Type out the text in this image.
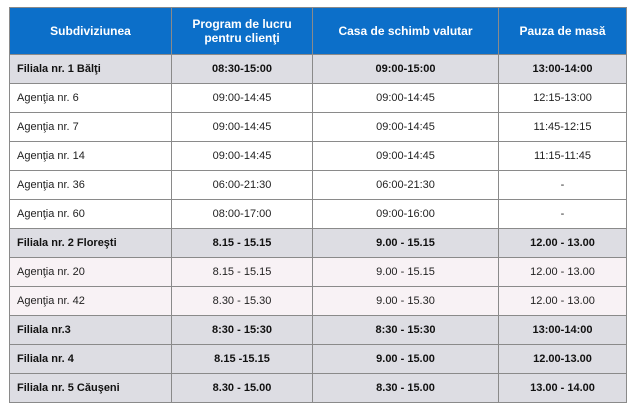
Subdiviziunea	Program de lucru pentru clienţi	Casa de schimb valutar	Pauza de masă
Filiala nr. 1 Bălţi	08:30-15:00	09:00-15:00	13:00-14:00
Agenţia nr. 6	09:00-14:45	09:00-14:45	12:15-13:00
Agenţia nr. 7	09:00-14:45	09:00-14:45	11:45-12:15
Agenţia nr. 14	09:00-14:45	09:00-14:45	11:15-11:45
Agenţia nr. 36	06:00-21:30	06:00-21:30	-
Agenţia nr. 60	08:00-17:00	09:00-16:00	-
Filiala nr. 2 Floreşti	8.15 - 15.15	9.00 - 15.15	12.00 - 13.00
Agenţia nr. 20	8.15 - 15.15	9.00 - 15.15	12.00 - 13.00
Agenţia nr. 42	8.30 - 15.30	9.00 - 15.30	12.00 - 13.00
Filiala nr.3	8:30 - 15:30	8:30 - 15:30	13:00-14:00
Filiala nr. 4	8.15 -15.15	9.00 - 15.00	12.00-13.00
Filiala nr. 5 Căuşeni	8.30 - 15.00	8.30 - 15.00	13.00 - 14.00
